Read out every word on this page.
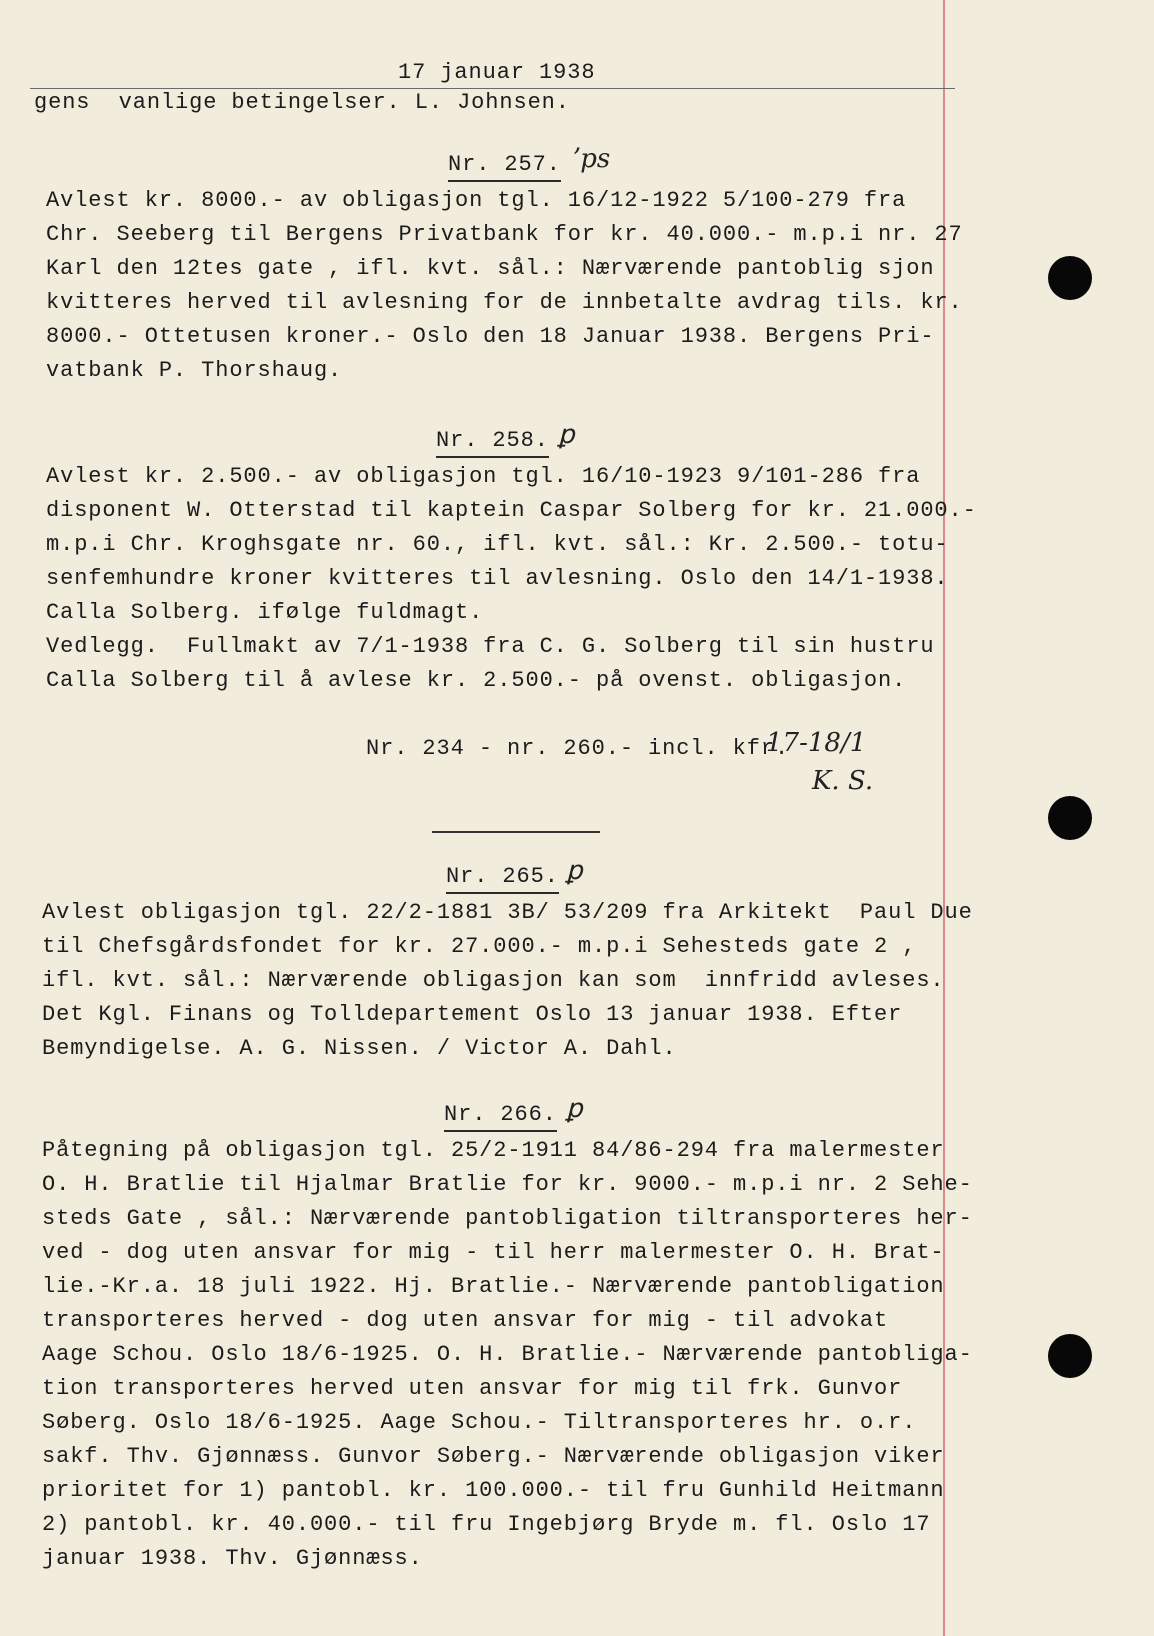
17 januar 1938
gens  vanlige betingelser. L. Johnsen.
Nr. 257. ʼps
Avlest kr. 8000.- av obligasjon tgl. 16/12-1922 5/100-279 fra
Chr. Seeberg til Bergens Privatbank for kr. 40.000.- m.p.i nr. 27
Karl den 12tes gate , ifl. kvt. sål.: Nærværende pantoblig sjon
kvitteres herved til avlesning for de innbetalte avdrag tils. kr.
8000.- Ottetusen kroner.- Oslo den 18 Januar 1938. Bergens Pri-
vatbank P. Thorshaug.
Nr. 258. ꝑ
Avlest kr. 2.500.- av obligasjon tgl. 16/10-1923 9/101-286 fra
disponent W. Otterstad til kaptein Caspar Solberg for kr. 21.000.-
m.p.i Chr. Kroghsgate nr. 60., ifl. kvt. sål.: Kr. 2.500.- totu-
senfemhundre kroner kvitteres til avlesning. Oslo den 14/1-1938.
Calla Solberg. ifølge fuldmagt.
Vedlegg.  Fullmakt av 7/1-1938 fra C. G. Solberg til sin hustru
Calla Solberg til å avlese kr. 2.500.- på ovenst. obligasjon.
Nr. 234 - nr. 260.- incl. kfr.
17-18/1
K. S.
Nr. 265. ꝑ
Avlest obligasjon tgl. 22/2-1881 3B/ 53/209 fra Arkitekt  Paul Due
til Chefsgårdsfondet for kr. 27.000.- m.p.i Sehesteds gate 2 ,
ifl. kvt. sål.: Nærværende obligasjon kan som  innfridd avleses.
Det Kgl. Finans og Tolldepartement Oslo 13 januar 1938. Efter
Bemyndigelse. A. G. Nissen. / Victor A. Dahl.
Nr. 266. ꝑ
Påtegning på obligasjon tgl. 25/2-1911 84/86-294 fra malermester
O. H. Bratlie til Hjalmar Bratlie for kr. 9000.- m.p.i nr. 2 Sehe-
steds Gate , sål.: Nærværende pantobligation tiltransporteres her-
ved - dog uten ansvar for mig - til herr malermester O. H. Brat-
lie.-Kr.a. 18 juli 1922. Hj. Bratlie.- Nærværende pantobligation
transporteres herved - dog uten ansvar for mig - til advokat
Aage Schou. Oslo 18/6-1925. O. H. Bratlie.- Nærværende pantobliga-
tion transporteres herved uten ansvar for mig til frk. Gunvor
Søberg. Oslo 18/6-1925. Aage Schou.- Tiltransporteres hr. o.r.
sakf. Thv. Gjønnæss. Gunvor Søberg.- Nærværende obligasjon viker
prioritet for 1) pantobl. kr. 100.000.- til fru Gunhild Heitmann
2) pantobl. kr. 40.000.- til fru Ingebjørg Bryde m. fl. Oslo 17
januar 1938. Thv. Gjønnæss.
